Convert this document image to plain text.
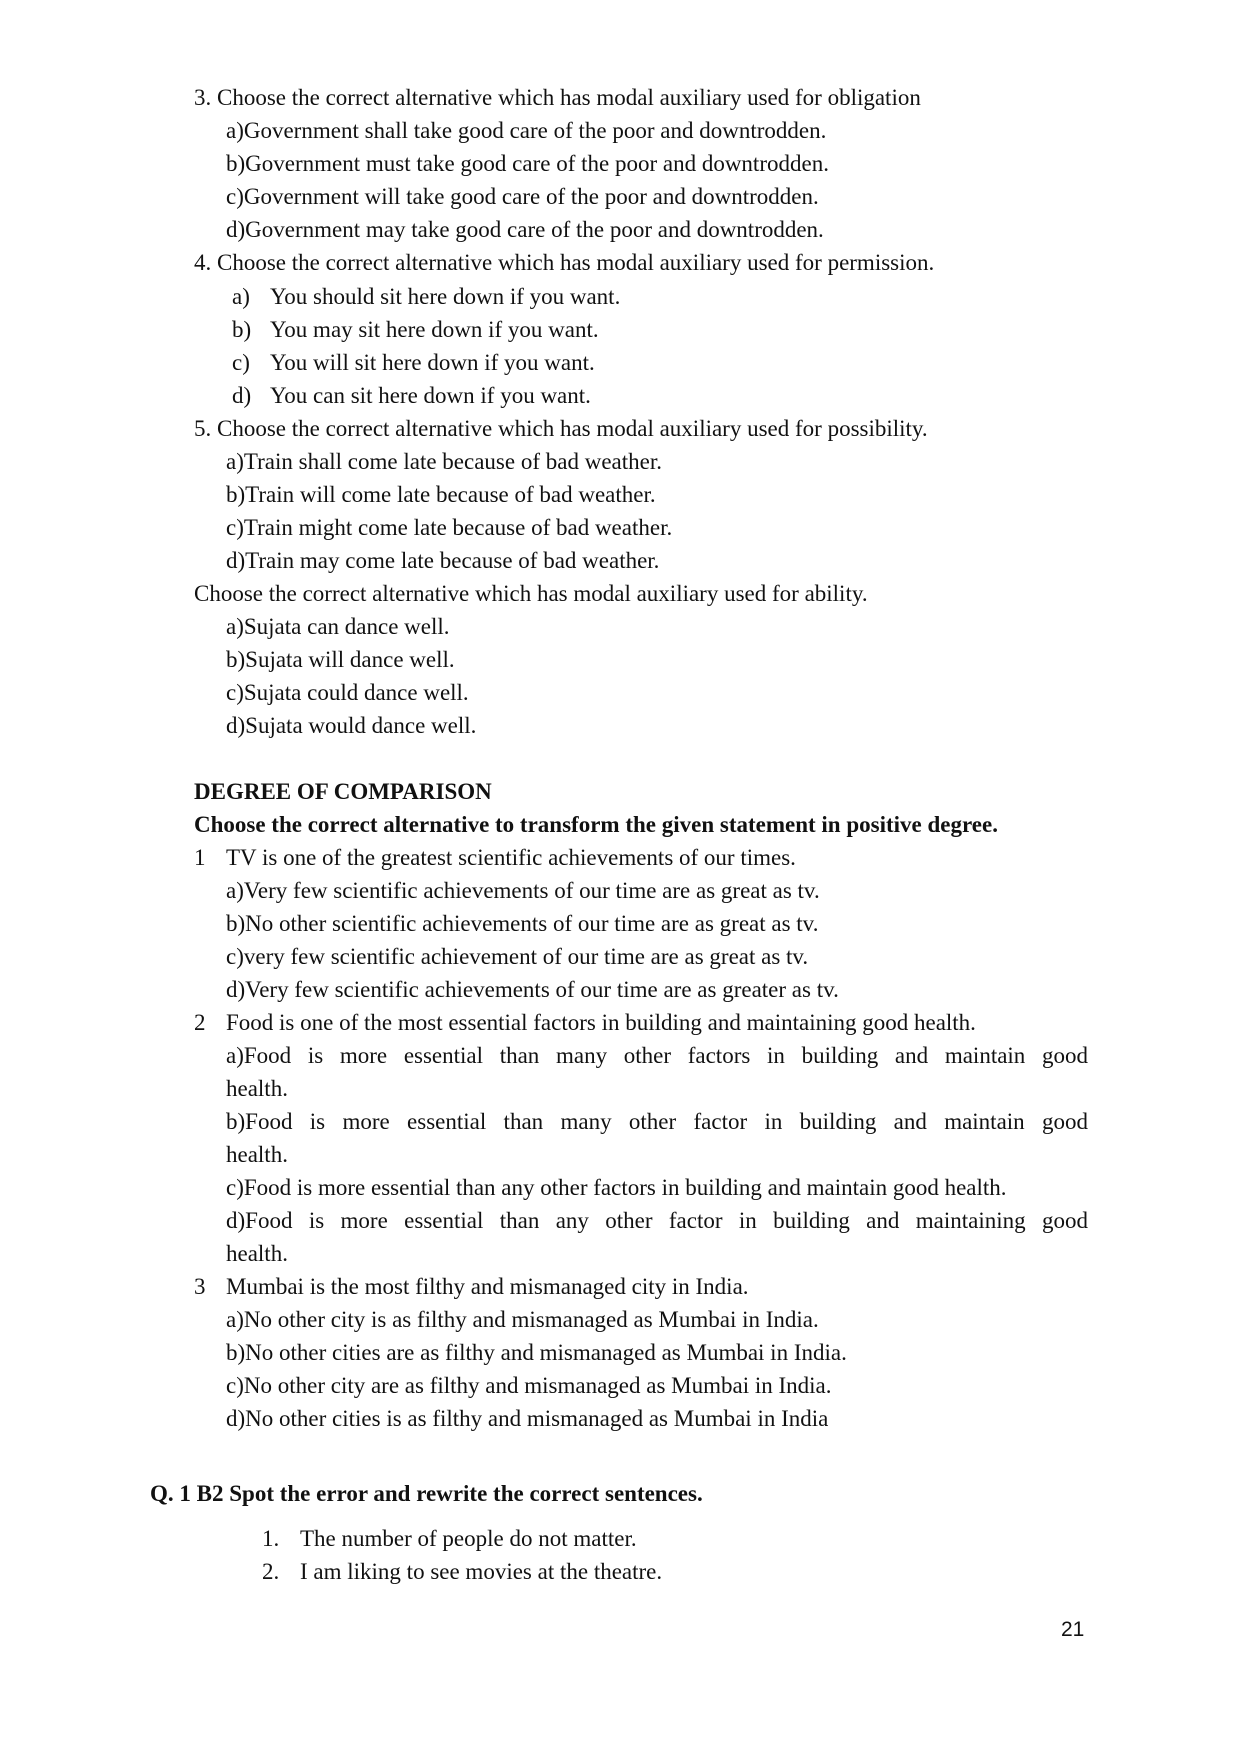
3. Choose the correct alternative which has modal auxiliary used for obligation
a)Government shall take good care of the poor and downtrodden.
b)Government must take good care of the poor and downtrodden.
c)Government will take good care of the poor and downtrodden.
d)Government may take good care of the poor and downtrodden.
4. Choose the correct alternative which has modal auxiliary used for permission.
a) You should sit here down if you want.
b) You may sit here down if you want.
c) You will sit here down if you want.
d) You can sit here down if you want.
5. Choose the correct alternative which has modal auxiliary used for possibility.
a)Train shall come late because of bad weather.
b)Train will come late because of bad weather.
c)Train might come late because of bad weather.
d)Train may come late because of bad weather.
Choose the correct alternative which has modal auxiliary used for ability.
a)Sujata can dance well.
b)Sujata will dance well.
c)Sujata could dance well.
d)Sujata would dance well.
DEGREE OF COMPARISON
Choose the correct alternative to transform the given statement in positive degree.
1 TV is one of the greatest scientific achievements of our times.
a)Very few scientific achievements of our time are as great as tv.
b)No other scientific achievements of our time are as great as tv.
c)very few scientific achievement of our time are as great as tv.
d)Very few scientific achievements of our time are as greater as tv.
2 Food is one of the most essential factors in building and maintaining good health.
a)Food is more essential than many other factors in building and maintain good
health.
b)Food is more essential than many other factor in building and maintain good
health.
c)Food is more essential than any other factors in building and maintain good health.
d)Food is more essential than any other factor in building and maintaining good
health.
3 Mumbai is the most filthy and mismanaged city in India.
a)No other city is as filthy and mismanaged as Mumbai in India.
b)No other cities are as filthy and mismanaged as Mumbai in India.
c)No other city are as filthy and mismanaged as Mumbai in India.
d)No other cities is as filthy and mismanaged as Mumbai in India
Q. 1 B2 Spot the error and rewrite the correct sentences.
1. The number of people do not matter.
2. I am liking to see movies at the theatre.
21
